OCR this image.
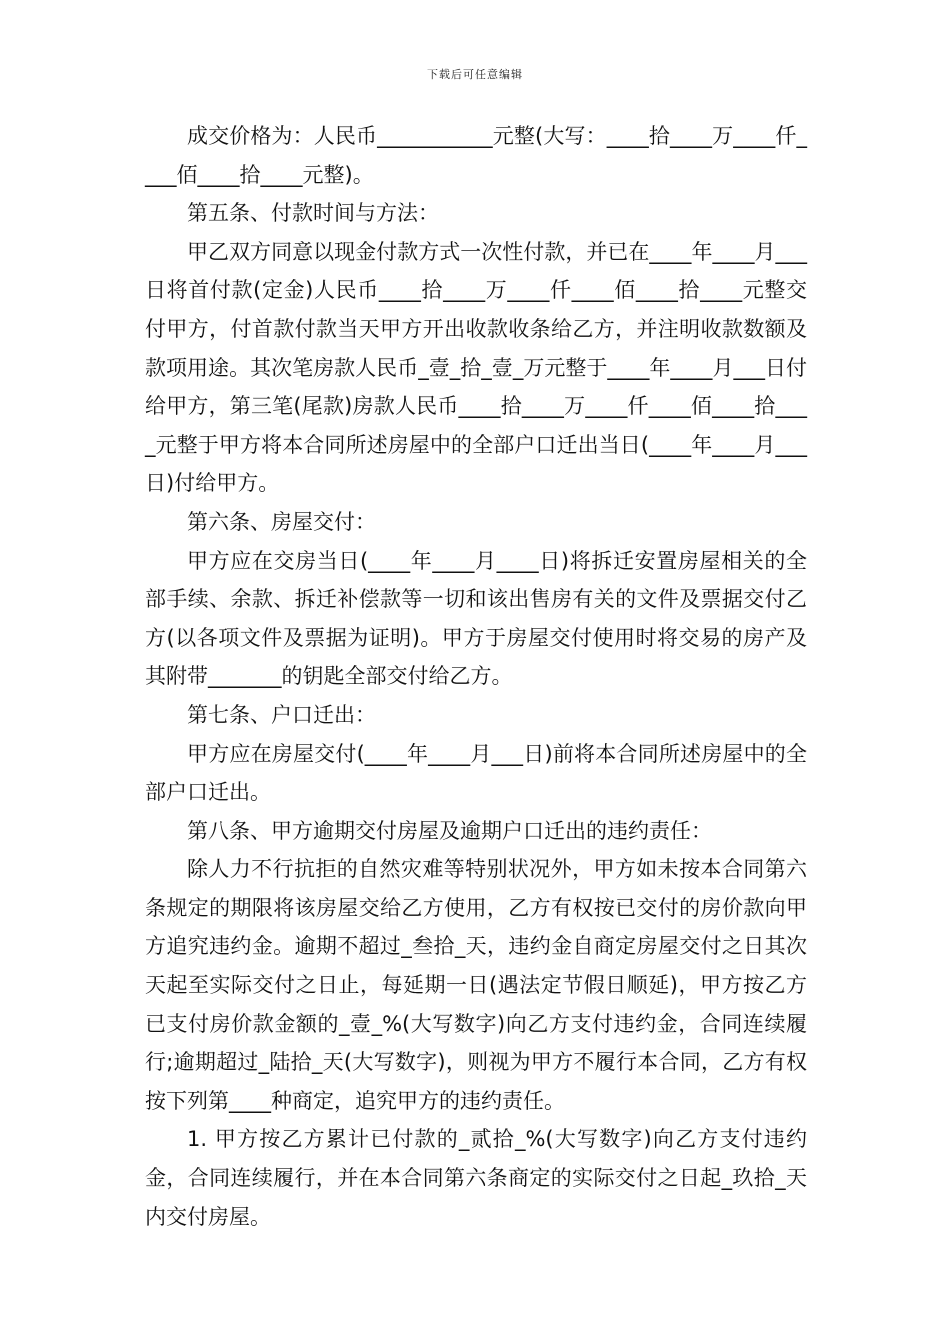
下载后可任意编辑

成交价格为：人民币___________元整(大写：____拾____万____仟____佰____拾____元整)。

第五条、付款时间与方法：

甲乙双方同意以现金付款方式一次性付款，并已在____年____月___日将首付款(定金)人民币____拾____万____仟____佰____拾____元整交付甲方，付首款付款当天甲方开出收款收条给乙方，并注明收款数额及款项用途。其次笔房款人民币_壹_拾_壹_万元整于____年____月___日付给甲方，第三笔(尾款)房款人民币____拾____万____仟____佰____拾____元整于甲方将本合同所述房屋中的全部户口迁出当日(____年____月___日)付给甲方。

第六条、房屋交付：

甲方应在交房当日(____年____月____日)将拆迁安置房屋相关的全部手续、余款、拆迁补偿款等一切和该出售房有关的文件及票据交付乙方(以各项文件及票据为证明)。甲方于房屋交付使用时将交易的房产及其附带_______的钥匙全部交付给乙方。

第七条、户口迁出：

甲方应在房屋交付(____年____月___日)前将本合同所述房屋中的全部户口迁出。

第八条、甲方逾期交付房屋及逾期户口迁出的违约责任：

除人力不行抗拒的自然灾难等特别状况外，甲方如未按本合同第六条规定的期限将该房屋交给乙方使用，乙方有权按已交付的房价款向甲方追究违约金。逾期不超过_叁拾_天，违约金自商定房屋交付之日其次天起至实际交付之日止，每延期一日(遇法定节假日顺延)，甲方按乙方已支付房价款金额的_壹_%(大写数字)向乙方支付违约金，合同连续履行;逾期超过_陆拾_天(大写数字)，则视为甲方不履行本合同，乙方有权按下列第____种商定，追究甲方的违约责任。

1. 甲方按乙方累计已付款的_贰拾_%(大写数字)向乙方支付违约金，合同连续履行，并在本合同第六条商定的实际交付之日起_玖拾_天内交付房屋。
